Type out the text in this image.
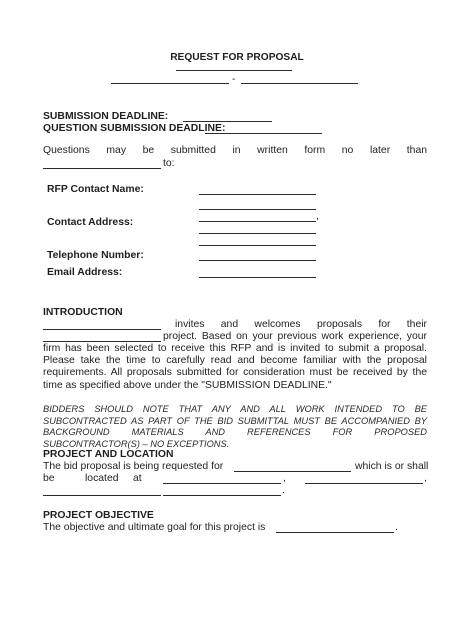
REQUEST FOR PROPOSAL
-
SUBMISSION DEADLINE:
QUESTION SUBMISSION DEADLINE:
Questions may be submitted in written form no later than
to:
RFP Contact Name:
Contact Address:
,
Telephone Number:
Email Address:
INTRODUCTION
invites and welcomes proposals for their
project. Based on your previous work experience, your
firm has been selected to receive this RFP and is invited to submit a proposal. Please take the time to carefully read and become familiar with the proposal requirements. All proposals submitted for consideration must be received by the time as specified above under the "SUBMISSION DEADLINE."
BIDDERS SHOULD NOTE THAT ANY AND ALL WORK INTENDED TO BE SUBCONTRACTED AS PART OF THE BID SUBMITTAL MUST BE ACCOMPANIED BY BACKGROUND MATERIALS AND REFERENCES FOR PROPOSED SUBCONTRACTOR(S) – NO EXCEPTIONS.
PROJECT AND LOCATION
The bid proposal is being requested for	which is or shall
be	located at	,	,
.
PROJECT OBJECTIVE
The objective and ultimate goal for this project is	.
